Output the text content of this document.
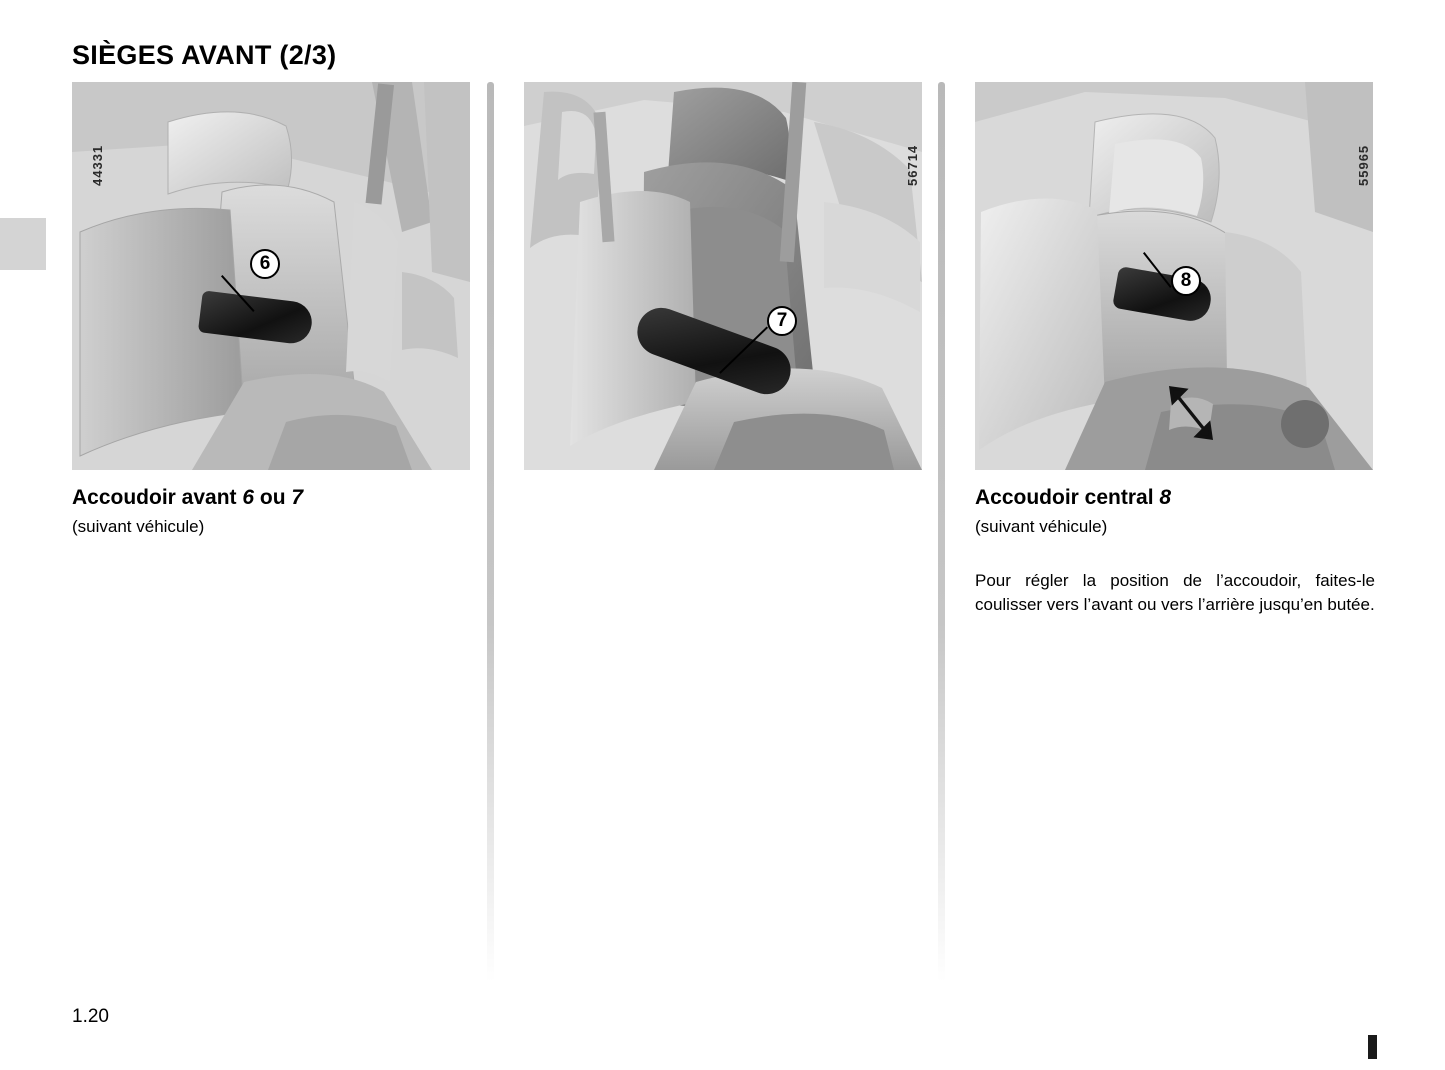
SIÈGES AVANT (2/3)
6
44331
7
56714
8
55965
Accoudoir avant 6 ou 7
(suivant véhicule)
Accoudoir central 8
(suivant véhicule)

Pour régler la position de l’accoudoir, faites-le coulisser vers l’avant ou vers l’arrière jusqu’en butée.

1.20
